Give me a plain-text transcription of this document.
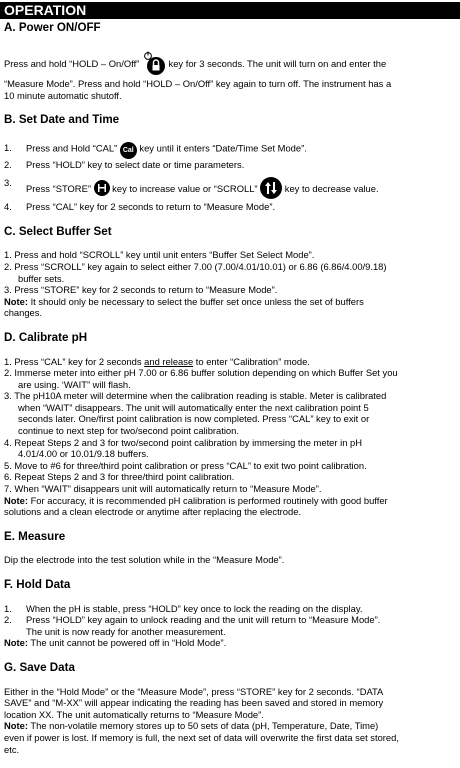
OPERATION
A. Power ON/OFF

Press and hold “HOLD – On/Off”	key for 3 seconds. The unit will turn on and enter the

“Measure Mode”. Press and hold “HOLD – On/Off” key again to turn off. The instrument has a

10 minute automatic shutoff.

B. Set Date and Time
1.	Press and Hold “CAL” Cal key until it enters “Date/Time Set Mode”.
2.	Press “HOLD” key to select date or time parameters.
3.
Press “STORE”  key to increase value or “SCROLL”	key to decrease value.
4.	Press “CAL” key for 2 seconds to return to “Measure Mode”.
C. Select Buffer Set

1. Press and hold “SCROLL” key until unit enters “Buffer Set Select Mode”.

2. Press “SCROLL” key again to select either 7.00 (7.00/4.01/10.01) or 6.86 (6.86/4.00/9.18)

buffer sets.

3. Press “STORE” key for 2 seconds to return to “Measure Mode”.

Note: It should only be necessary to select the buffer set once unless the set of buffers

changes.

D. Calibrate pH

1. Press “CAL” key for 2 seconds and release to enter “Calibration” mode.

2. Immerse meter into either pH 7.00 or 6.86 buffer solution depending on which Buffer Set you

are using. ‘WAIT” will flash.

3. The pH10A meter will determine when the calibration reading is stable. Meter is calibrated

when “WAIT” disappears. The unit will automatically enter the next calibration point 5

seconds later. One/first point calibration is now completed. Press “CAL” key to exit or

continue to next step for two/second point calibration.

4. Repeat Steps 2 and 3 for two/second point calibration by immersing the meter in pH

4.01/4.00 or 10.01/9.18 buffers.

5. Move to #6 for three/third point calibration or press “CAL” to exit two point calibration.

6. Repeat Steps 2 and 3 for three/third point calibration.

7. When “WAIT” disappears unit will automatically return to “Measure Mode”.

Note: For accuracy, it is recommended pH calibration is performed routinely with good buffer

solutions and a clean electrode or anytime after replacing the electrode.

E. Measure

Dip the electrode into the test solution while in the “Measure Mode”.

F. Hold Data
1.	When the pH is stable, press “HOLD” key once to lock the reading on the display.
2.	Press “HOLD” key again to unlock reading and the unit will return to “Measure Mode”.
The unit is now ready for another measurement.

Note: The unit cannot be powered off in “Hold Mode”.

G. Save Data

Either in the “Hold Mode” or the “Measure Mode”, press “STORE” key for 2 seconds. “DATA

SAVE” and “M-XX” will appear indicating the reading has been saved and stored in memory

location XX. The unit automatically returns to “Measure Mode”.

Note: The non-volatile memory stores up to 50 sets of data (pH, Temperature, Date, Time)

even if power is lost. If memory is full, the next set of data will overwrite the first data set stored,

etc.
